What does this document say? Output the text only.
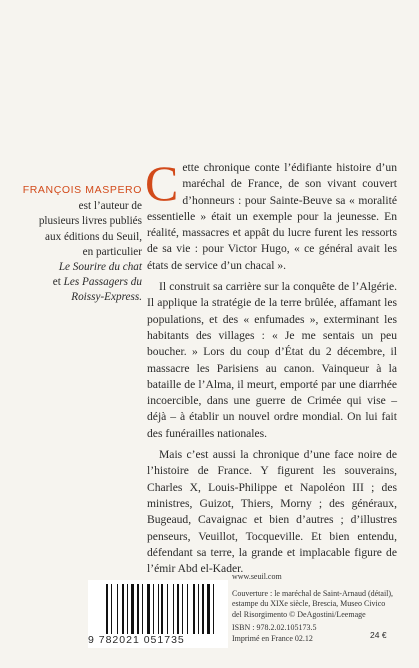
FRANÇOIS MASPERO
est l’auteur de
plusieurs livres publiés
aux éditions du Seuil,
en particulier
Le Sourire du chat
et Les Passagers du
Roissy-Express.

Cette chronique conte l’édifiante histoire d’un maréchal de France, de son vivant couvert d’honneurs : pour Sainte-Beuve sa « moralité essentielle » était un exemple pour la jeunesse. En réalité, massacres et appât du lucre furent les ressorts de sa vie : pour Victor Hugo, « ce général avait les états de service d’un chacal ».

Il construit sa carrière sur la conquête de l’Algérie. Il applique la stratégie de la terre brûlée, affamant les populations, et des « enfumades », exterminant les habitants des villages : « Je me sentais un peu boucher. » Lors du coup d’État du 2 décembre, il massacre les Parisiens au canon. Vainqueur à la bataille de l’Alma, il meurt, emporté par une diarrhée incoercible, dans une guerre de Crimée qui vise – déjà – à établir un nouvel ordre mondial. On lui fait des funérailles nationales.

Mais c’est aussi la chronique d’une face noire de l’histoire de France. Y figurent les souverains, Charles X, Louis-Philippe et Napoléon III ; des ministres, Guizot, Thiers, Morny ; des généraux, Bugeaud, Cavaignac et bien d’autres ; d’illustres penseurs, Veuillot, Tocqueville. Et bien entendu, défendant sa terre, la grande et implacable figure de l’émir Abd el-Kader.

9 782021 051735
www.seuil.com
Couverture : le maréchal de Saint-Arnaud (détail),
estampe du XIXe siècle, Brescia, Museo Civico
del Risorgimento © DeAgostini/Leemage
ISBN : 978.2.02.105173.5
Imprimé en France 02.12	24 €
